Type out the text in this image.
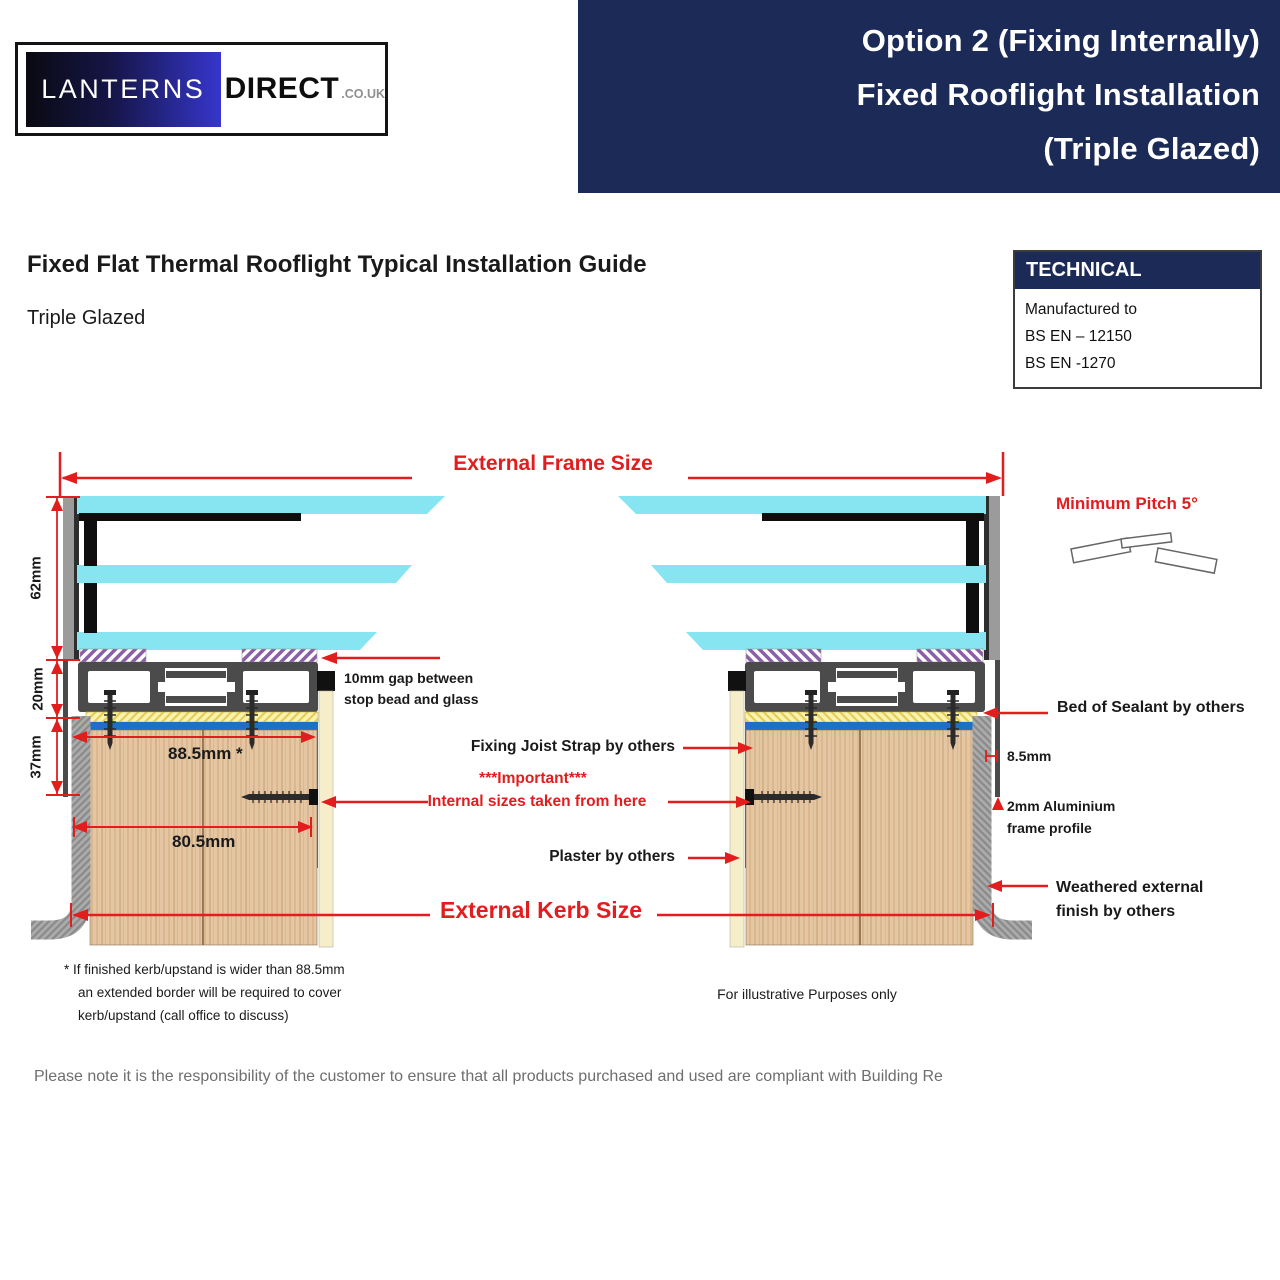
LANTERNS DIRECT .CO.UK
Option 2 (Fixing Internally)
Fixed Rooflight Installation
(Triple Glazed)
Fixed Flat Thermal Rooflight Typical Installation Guide
Triple Glazed
TECHNICAL
Manufactured to
BS EN – 12150
BS EN -1270
External Frame Size
Minimum Pitch 5°
62mm
20mm
37mm	88.5mm *
80.5mm
10mm gap between stop bead and glass
Fixing Joist Strap by others
***Important***
Internal sizes taken from here
Plaster by others
External Kerb Size
Bed of Sealant by others
8.5mm
2mm Aluminium frame profile
Weathered external finish by others
* If finished kerb/upstand is wider than 88.5mm
an extended border will be required to cover
kerb/upstand (call office to discuss)
For illustrative Purposes only
Please note it is the responsibility of the customer to ensure that all products purchased and used are compliant with Building Re
